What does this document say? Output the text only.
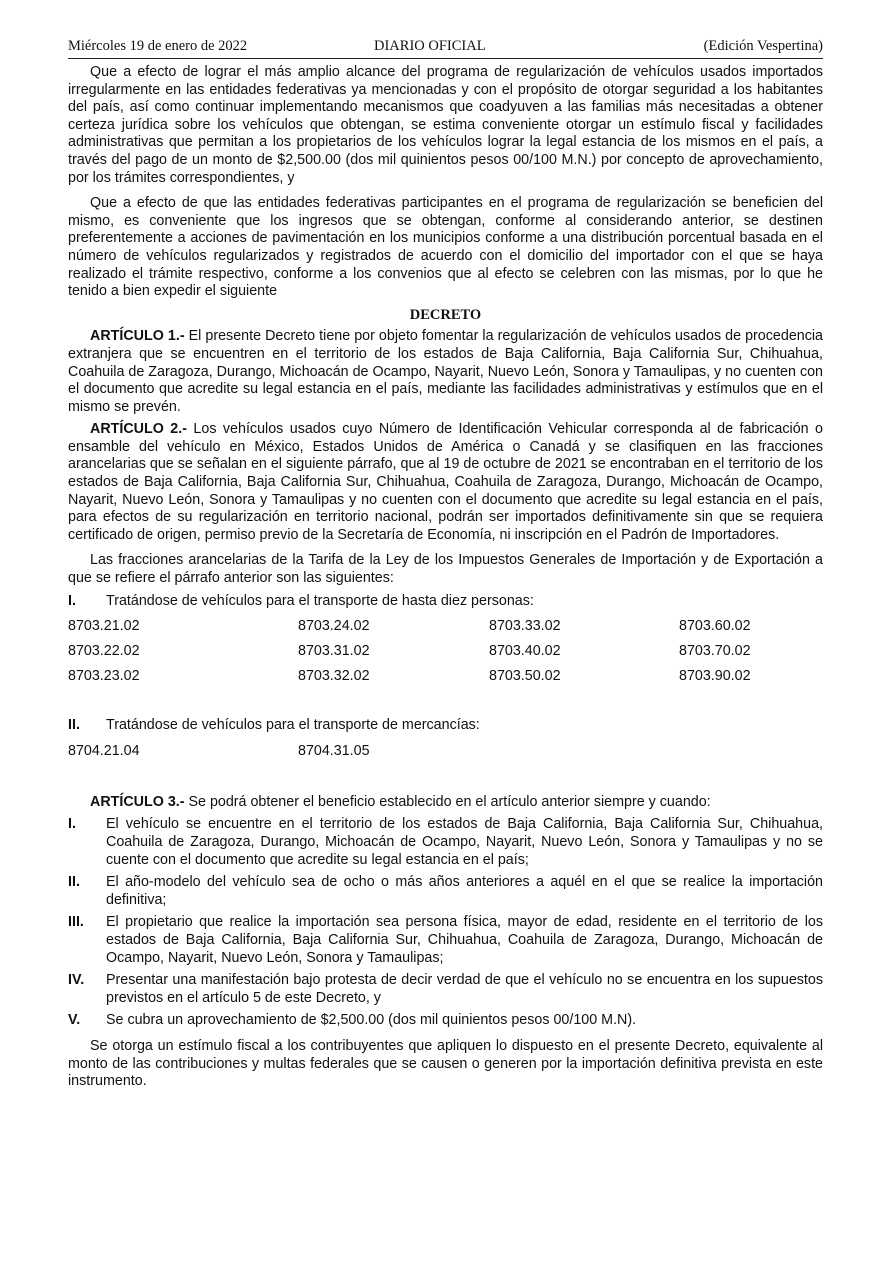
Miércoles 19 de enero de 2022	DIARIO OFICIAL	(Edición Vespertina)

Que a efecto de lograr el más amplio alcance del programa de regularización de vehículos usados importados irregularmente en las entidades federativas ya mencionadas y con el propósito de otorgar seguridad a los habitantes del país, así como continuar implementando mecanismos que coadyuven a las familias más necesitadas a obtener certeza jurídica sobre los vehículos que obtengan, se estima conveniente otorgar un estímulo fiscal y facilidades administrativas que permitan a los propietarios de los vehículos lograr la legal estancia de los mismos en el país, a través del pago de un monto de $2,500.00 (dos mil quinientos pesos 00/100 M.N.) por concepto de aprovechamiento, por los trámites correspondientes, y

Que a efecto de que las entidades federativas participantes en el programa de regularización se beneficien del mismo, es conveniente que los ingresos que se obtengan, conforme al considerando anterior, se destinen preferentemente a acciones de pavimentación en los municipios conforme a una distribución porcentual basada en el número de vehículos regularizados y registrados de acuerdo con el domicilio del importador con el que se haya realizado el trámite respectivo, conforme a los convenios que al efecto se celebren con las mismas, por lo que he tenido a bien expedir el siguiente

DECRETO

ARTÍCULO 1.- El presente Decreto tiene por objeto fomentar la regularización de vehículos usados de procedencia extranjera que se encuentren en el territorio de los estados de Baja California, Baja California Sur, Chihuahua, Coahuila de Zaragoza, Durango, Michoacán de Ocampo, Nayarit, Nuevo León, Sonora y Tamaulipas, y no cuenten con el documento que acredite su legal estancia en el país, mediante las facilidades administrativas y estímulos que en el mismo se prevén.

ARTÍCULO 2.- Los vehículos usados cuyo Número de Identificación Vehicular corresponda al de fabricación o ensamble del vehículo en México, Estados Unidos de América o Canadá y se clasifiquen en las fracciones arancelarias que se señalan en el siguiente párrafo, que al 19 de octubre de 2021 se encontraban en el territorio de los estados de Baja California, Baja California Sur, Chihuahua, Coahuila de Zaragoza, Durango, Michoacán de Ocampo, Nayarit, Nuevo León, Sonora y Tamaulipas y no cuenten con el documento que acredite su legal estancia en el país, para efectos de su regularización en territorio nacional, podrán ser importados definitivamente sin que se requiera certificado de origen, permiso previo de la Secretaría de Economía, ni inscripción en el Padrón de Importadores.

Las fracciones arancelarias de la Tarifa de la Ley de los Impuestos Generales de Importación y de Exportación a que se refiere el párrafo anterior son las siguientes:

I. Tratándose de vehículos para el transporte de hasta diez personas:
8703.21.02	8703.24.02	8703.33.02	8703.60.02
8703.22.02	8703.31.02	8703.40.02	8703.70.02
8703.23.02	8703.32.02	8703.50.02	8703.90.02
II. Tratándose de vehículos para el transporte de mercancías:
8704.21.04	8704.31.05

ARTÍCULO 3.- Se podrá obtener el beneficio establecido en el artículo anterior siempre y cuando:

I. El vehículo se encuentre en el territorio de los estados de Baja California, Baja California Sur, Chihuahua, Coahuila de Zaragoza, Durango, Michoacán de Ocampo, Nayarit, Nuevo León, Sonora y Tamaulipas y no se cuente con el documento que acredite su legal estancia en el país;
II. El año-modelo del vehículo sea de ocho o más años anteriores a aquél en el que se realice la importación definitiva;
III. El propietario que realice la importación sea persona física, mayor de edad, residente en el territorio de los estados de Baja California, Baja California Sur, Chihuahua, Coahuila de Zaragoza, Durango, Michoacán de Ocampo, Nayarit, Nuevo León, Sonora y Tamaulipas;
IV. Presentar una manifestación bajo protesta de decir verdad de que el vehículo no se encuentra en los supuestos previstos en el artículo 5 de este Decreto, y
V. Se cubra un aprovechamiento de $2,500.00 (dos mil quinientos pesos 00/100 M.N).

Se otorga un estímulo fiscal a los contribuyentes que apliquen lo dispuesto en el presente Decreto, equivalente al monto de las contribuciones y multas federales que se causen o generen por la importación definitiva prevista en este instrumento.
